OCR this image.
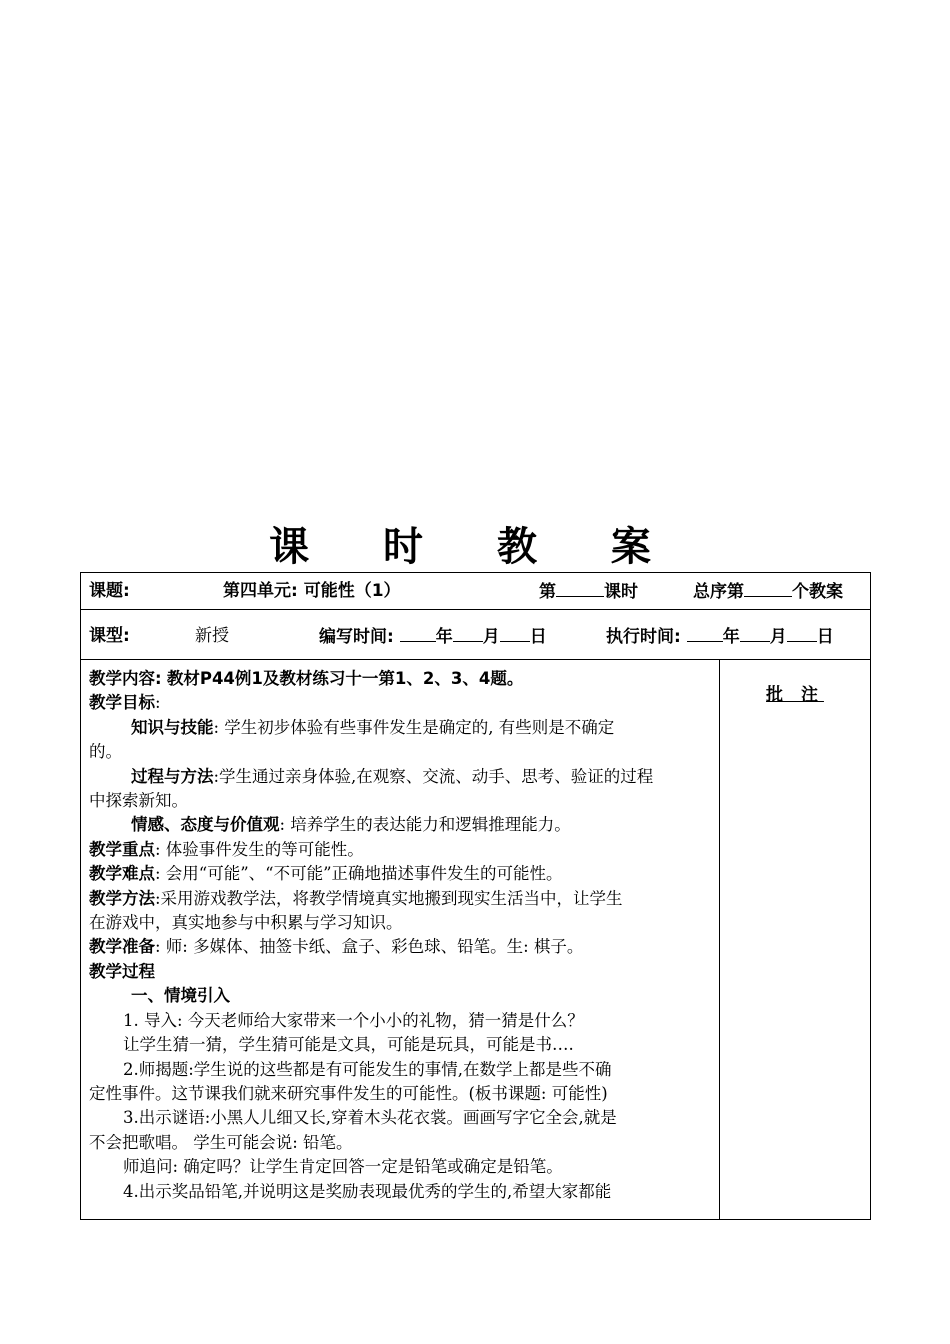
课 时 教 案
课题:	第四单元: 可能性（1）	第	课时	总序第	个教案
课型:	新授	编写时间: 年 月 日	执行时间: 年 月 日

教学内容: 教材P44例1及教材练习十一第1、2、3、4题。

教学目标:

知识与技能: 学生初步体验有些事件发生是确定的, 有些则是不确定

的。

过程与方法:学生通过亲身体验,在观察、交流、动手、思考、验证的过程

中探索新知。

情感、态度与价值观: 培养学生的表达能力和逻辑推理能力。

教学重点: 体验事件发生的等可能性。

教学难点: 会用“可能”、“不可能”正确地描述事件发生的可能性。

教学方法:采用游戏教学法，将教学情境真实地搬到现实生活当中，让学生

在游戏中，真实地参与中积累与学习知识。

教学准备: 师: 多媒体、抽签卡纸、盒子、彩色球、铅笔。生: 棋子。

教学过程

一、情境引入

1. 导入: 今天老师给大家带来一个小小的礼物，猜一猜是什么？

让学生猜一猜，学生猜可能是文具，可能是玩具，可能是书….

2.师揭题:学生说的这些都是有可能发生的事情,在数学上都是些不确

定性事件。这节课我们就来研究事件发生的可能性。(板书课题: 可能性)

3.出示谜语:小黑人儿细又长,穿着木头花衣裳。画画写字它全会,就是

不会把歌唱。 学生可能会说: 铅笔。

师追问: 确定吗？让学生肯定回答一定是铅笔或确定是铅笔。

4.出示奖品铅笔,并说明这是奖励表现最优秀的学生的,希望大家都能

批 注
